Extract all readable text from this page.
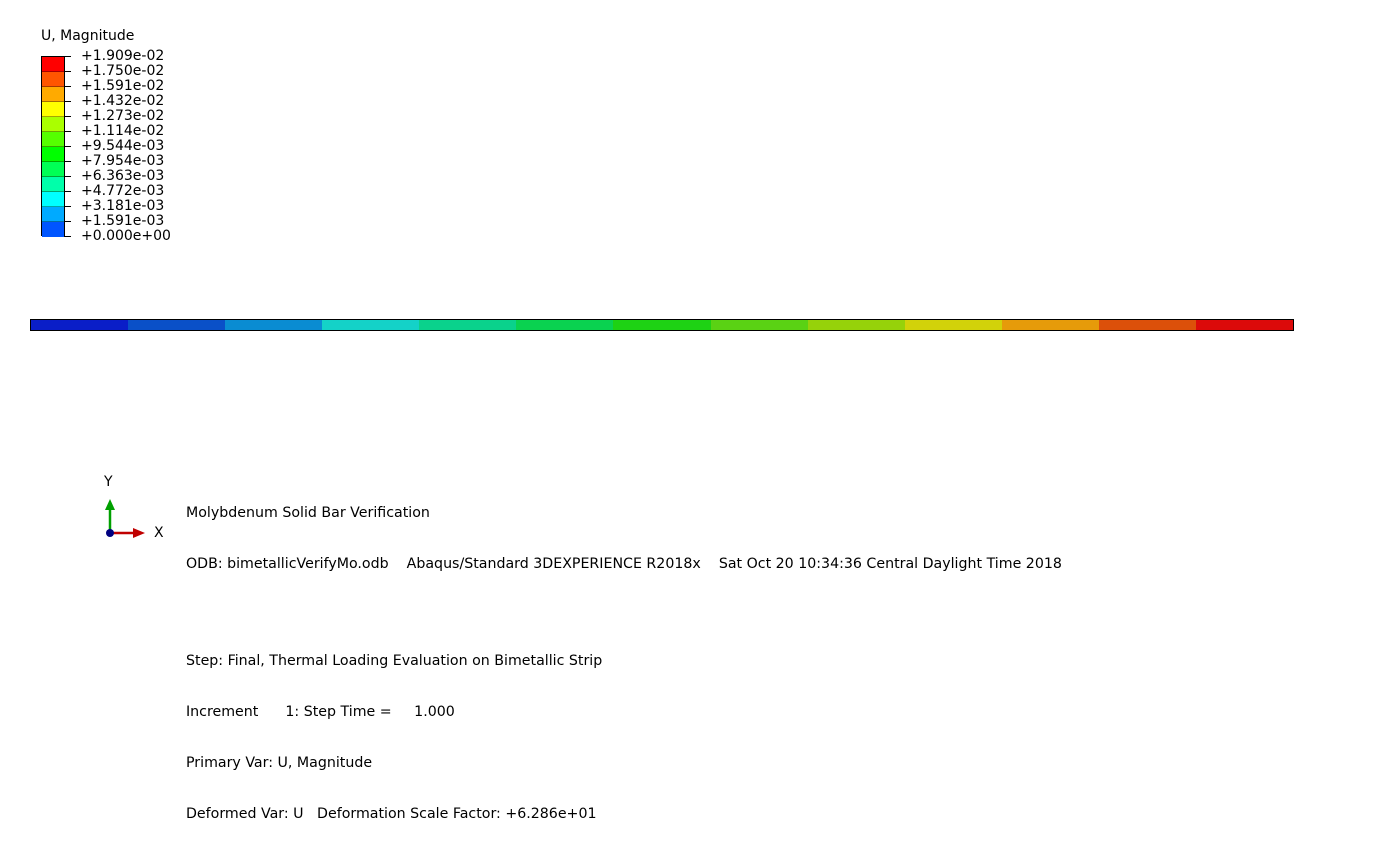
U, Magnitude
+1.909e-02
+1.750e-02
+1.591e-02
+1.432e-02
+1.273e-02
+1.114e-02
+9.544e-03
+7.954e-03
+6.363e-03
+4.772e-03
+3.181e-03
+1.591e-03
+0.000e+00
Y
X

Molybdenum Solid Bar Verification

ODB: bimetallicVerifyMo.odb    Abaqus/Standard 3DEXPERIENCE R2018x    Sat Oct 20 10:34:36 Central Daylight Time 2018

Step: Final, Thermal Loading Evaluation on Bimetallic Strip

Increment      1: Step Time =     1.000

Primary Var: U, Magnitude

Deformed Var: U   Deformation Scale Factor: +6.286e+01
